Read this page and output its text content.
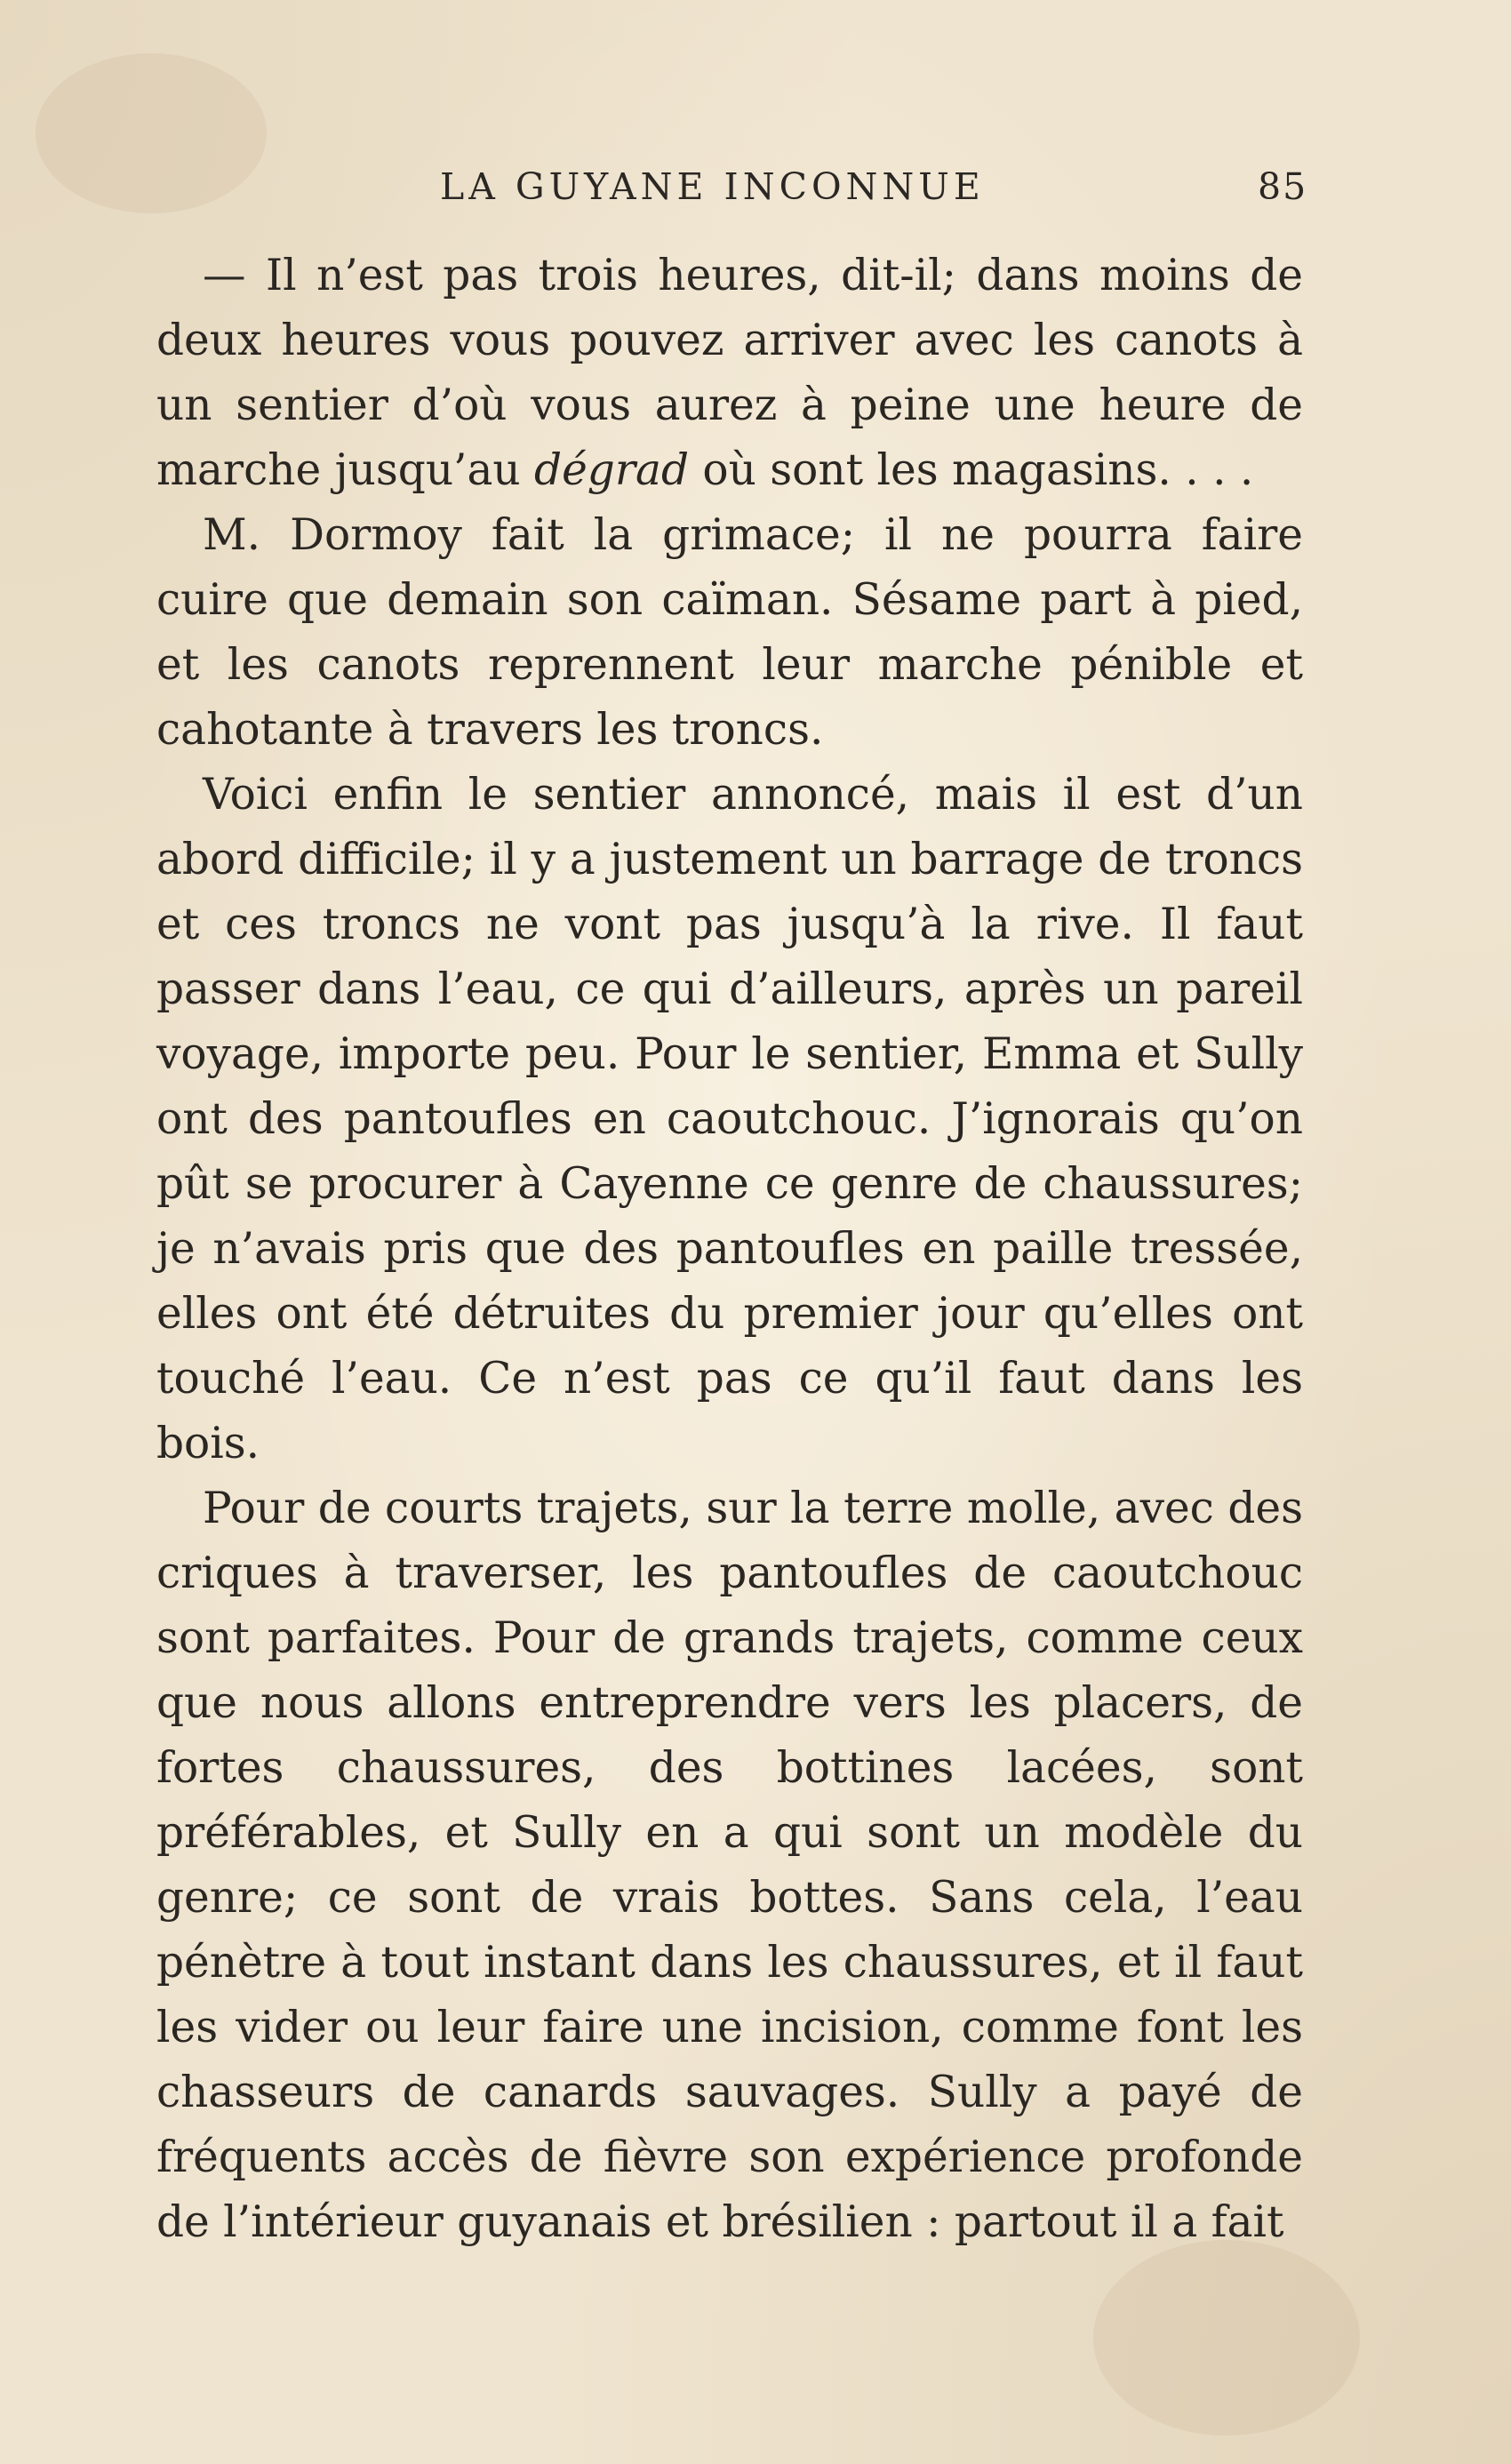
LA GUYANE INCONNUE	85

— Il n’est pas trois heures, dit-il; dans moins de deux heures vous pouvez arriver avec les canots à un sentier d’où vous aurez à peine une heure de marche jusqu’au dégrad où sont les magasins. . . .

M. Dormoy fait la grimace; il ne pourra faire cuire que demain son caïman. Sésame part à pied, et les canots reprennent leur marche pénible et cahotante à travers les troncs.

Voici enfin le sentier annoncé, mais il est d’un abord difficile; il y a justement un barrage de troncs et ces troncs ne vont pas jusqu’à la rive. Il faut passer dans l’eau, ce qui d’ailleurs, après un pareil voyage, importe peu. Pour le sentier, Emma et Sully ont des pantoufles en caoutchouc. J’ignorais qu’on pût se procurer à Cayenne ce genre de chaussures; je n’avais pris que des pantoufles en paille tressée, elles ont été détruites du premier jour qu’elles ont touché l’eau. Ce n’est pas ce qu’il faut dans les bois.

Pour de courts trajets, sur la terre molle, avec des criques à traverser, les pantoufles de caoutchouc sont parfaites. Pour de grands trajets, comme ceux que nous allons entreprendre vers les placers, de fortes chaussures, des bottines lacées, sont préférables, et Sully en a qui sont un modèle du genre; ce sont de vrais bottes. Sans cela, l’eau pénètre à tout instant dans les chaussures, et il faut les vider ou leur faire une incision, comme font les chasseurs de canards sauvages. Sully a payé de fréquents accès de fièvre son expérience profonde de l’intérieur guyanais et brésilien : partout il a fait
